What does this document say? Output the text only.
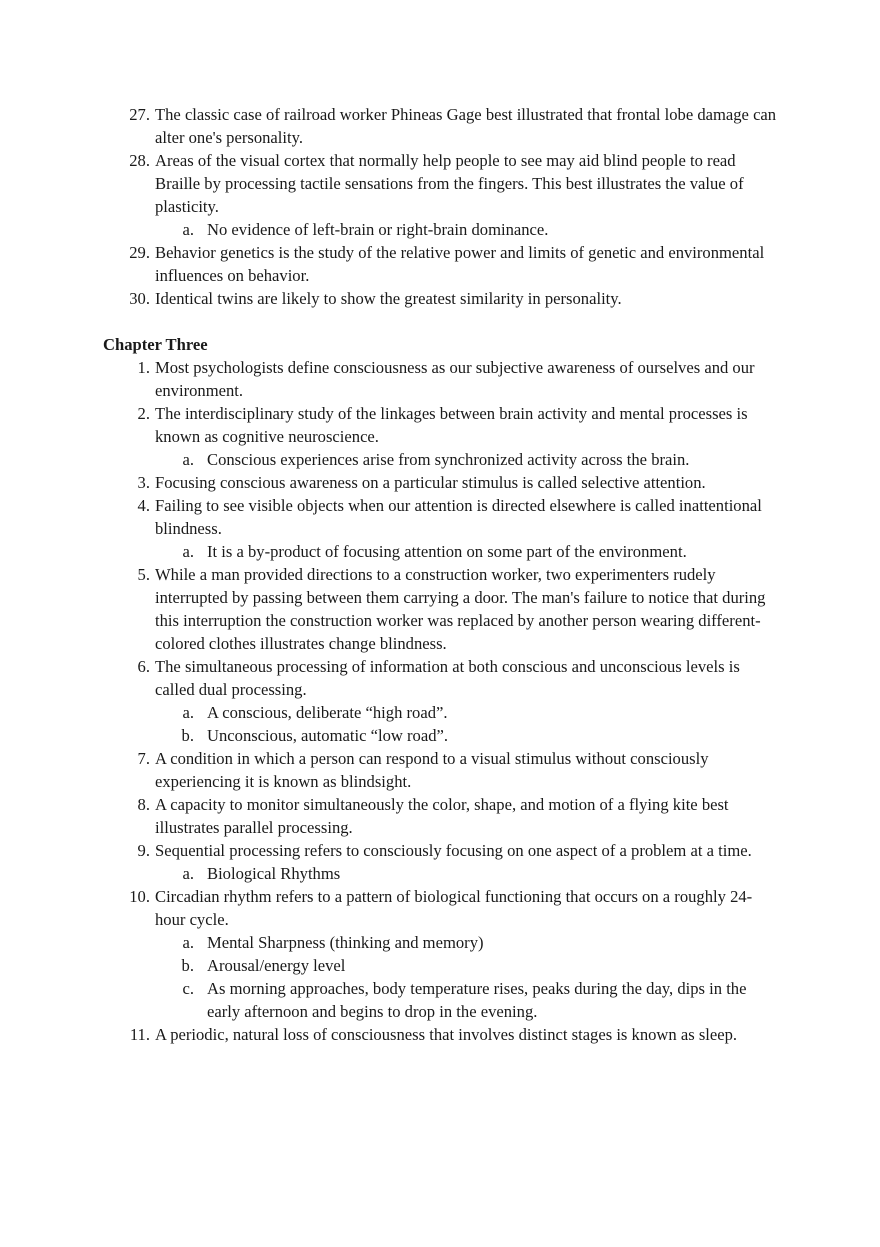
27. The classic case of railroad worker Phineas Gage best illustrated that frontal lobe damage can alter one's personality.
28. Areas of the visual cortex that normally help people to see may aid blind people to read Braille by processing tactile sensations from the fingers. This best illustrates the value of plasticity.
a. No evidence of left-brain or right-brain dominance.
29. Behavior genetics is the study of the relative power and limits of genetic and environmental influences on behavior.
30. Identical twins are likely to show the greatest similarity in personality.
Chapter Three
1. Most psychologists define consciousness as our subjective awareness of ourselves and our environment.
2. The interdisciplinary study of the linkages between brain activity and mental processes is known as cognitive neuroscience.
a. Conscious experiences arise from synchronized activity across the brain.
3. Focusing conscious awareness on a particular stimulus is called selective attention.
4. Failing to see visible objects when our attention is directed elsewhere is called inattentional blindness.
a. It is a by-product of focusing attention on some part of the environment.
5. While a man provided directions to a construction worker, two experimenters rudely interrupted by passing between them carrying a door. The man's failure to notice that during this interruption the construction worker was replaced by another person wearing different-colored clothes illustrates change blindness.
6. The simultaneous processing of information at both conscious and unconscious levels is called dual processing.
a. A conscious, deliberate “high road”.
b. Unconscious, automatic “low road”.
7. A condition in which a person can respond to a visual stimulus without consciously experiencing it is known as blindsight.
8. A capacity to monitor simultaneously the color, shape, and motion of a flying kite best illustrates parallel processing.
9. Sequential processing refers to consciously focusing on one aspect of a problem at a time.
a. Biological Rhythms
10. Circadian rhythm refers to a pattern of biological functioning that occurs on a roughly 24-hour cycle.
a. Mental Sharpness (thinking and memory)
b. Arousal/energy level
c. As morning approaches, body temperature rises, peaks during the day, dips in the early afternoon and begins to drop in the evening.
11. A periodic, natural loss of consciousness that involves distinct stages is known as sleep.
